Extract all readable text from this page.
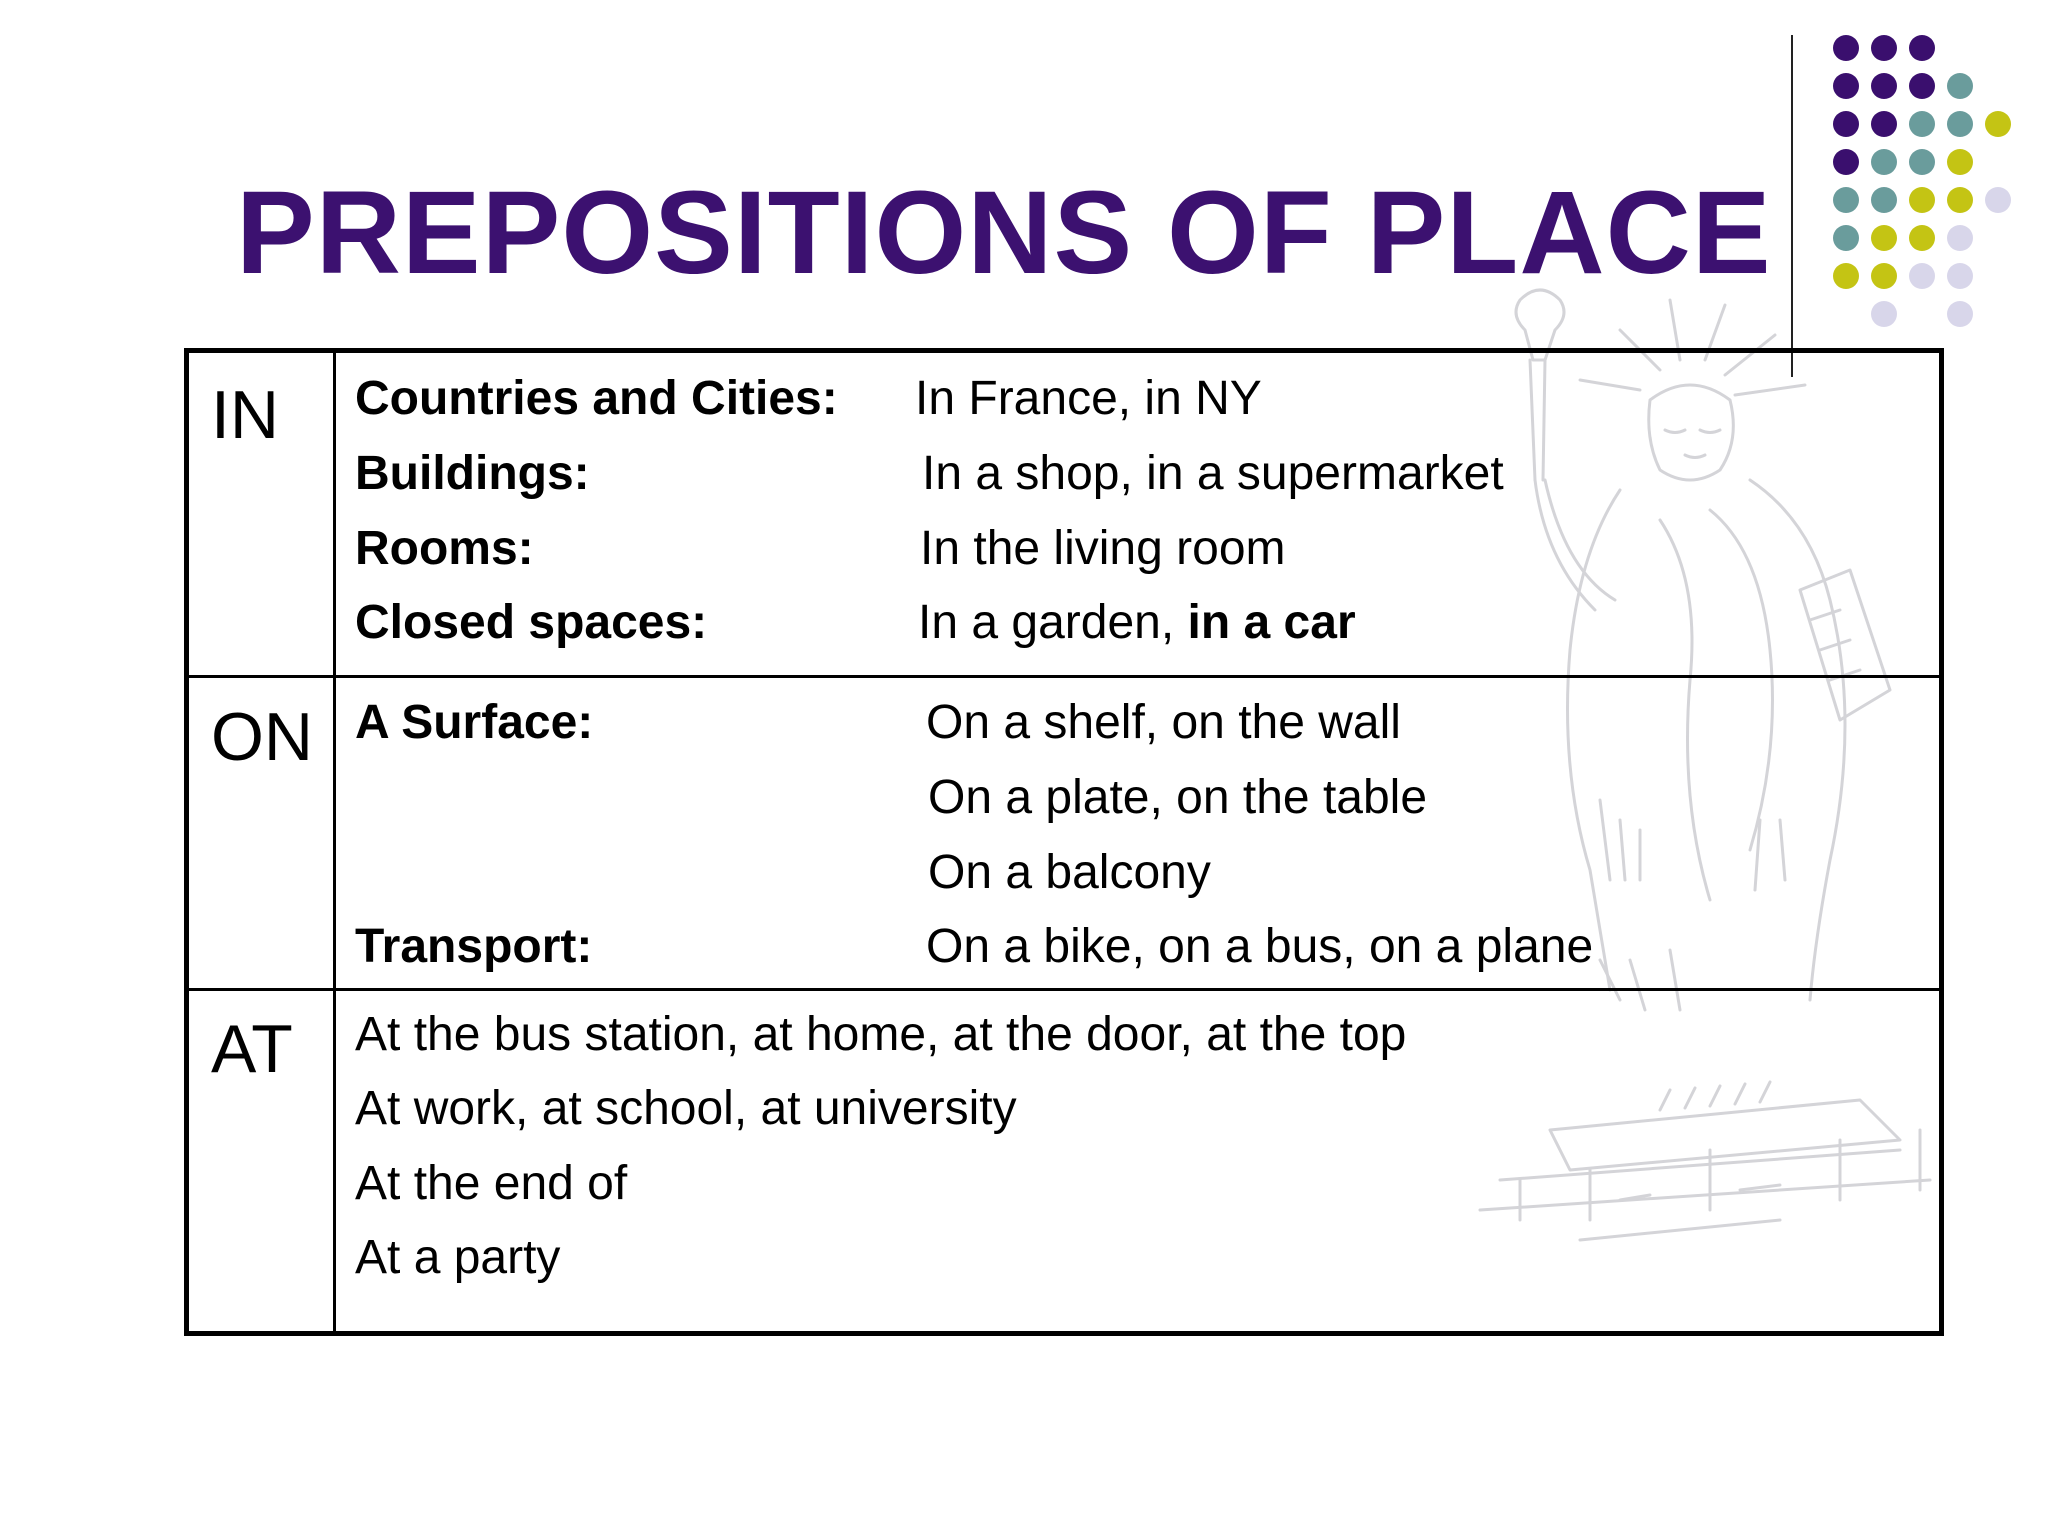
PREPOSITIONS OF PLACE
IN Countries and Cities: In France, in NY
Buildings:	In a shop, in a supermarket
Rooms:	In the living room
Closed spaces:	In a garden, in a car
ON A Surface:	On a shelf, on the wall
On a plate, on the table
On a balcony
Transport:	On a bike, on a bus, on a plane
AT At the bus station, at home, at the door, at the top
At work, at school, at university
At the end of
At a party
